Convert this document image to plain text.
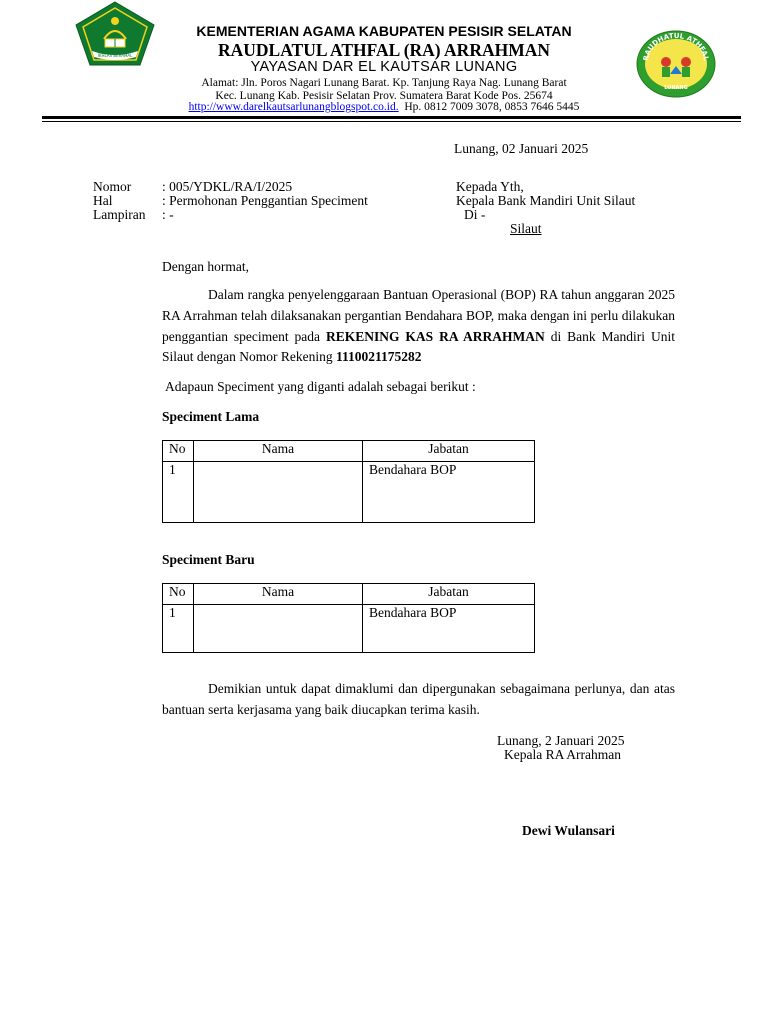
IKHLAS BERAMAL	RAUDHATUL ATHFAL
LUNANG
KEMENTERIAN AGAMA KABUPATEN PESISIR SELATAN
RAUDLATUL ATHFAL (RA) ARRAHMAN
YAYASAN DAR EL KAUTSAR LUNANG
Alamat: Jln. Poros Nagari Lunang Barat. Kp. Tanjung Raya Nag. Lunang Barat
Kec. Lunang Kab. Pesisir Selatan Prov. Sumatera Barat Kode Pos. 25674
http://www.darelkautsarlunangblogspot.co.id. Hp. 0812 7009 3078, 0853 7646 5445
Lunang, 02 Januari 2025
Nomor : 005/YDKL/RA/I/2025
Hal	: Permohonan Penggantian Speciment
Lampiran : -
Kepada Yth,
Kepala Bank Mandiri Unit Silaut
Di -
Silaut
Dengan hormat,
Dalam rangka penyelenggaraan Bantuan Operasional (BOP) RA tahun anggaran 2025 RA Arrahman telah dilaksanakan pergantian Bendahara BOP, maka dengan ini perlu dilakukan penggantian speciment pada REKENING KAS RA ARRAHMAN di Bank Mandiri Unit Silaut dengan Nomor Rekening 1110021175282
Adapaun Speciment yang diganti adalah sebagai berikut :
Speciment Lama
No	Nama	Jabatan
1		Bendahara BOP
Speciment Baru
No	Nama	Jabatan
1		Bendahara BOP
Demikian untuk dapat dimaklumi dan dipergunakan sebagaimana perlunya, dan atas bantuan serta kerjasama yang baik diucapkan terima kasih.
Lunang, 2 Januari 2025
Kepala RA Arrahman
Dewi Wulansari
